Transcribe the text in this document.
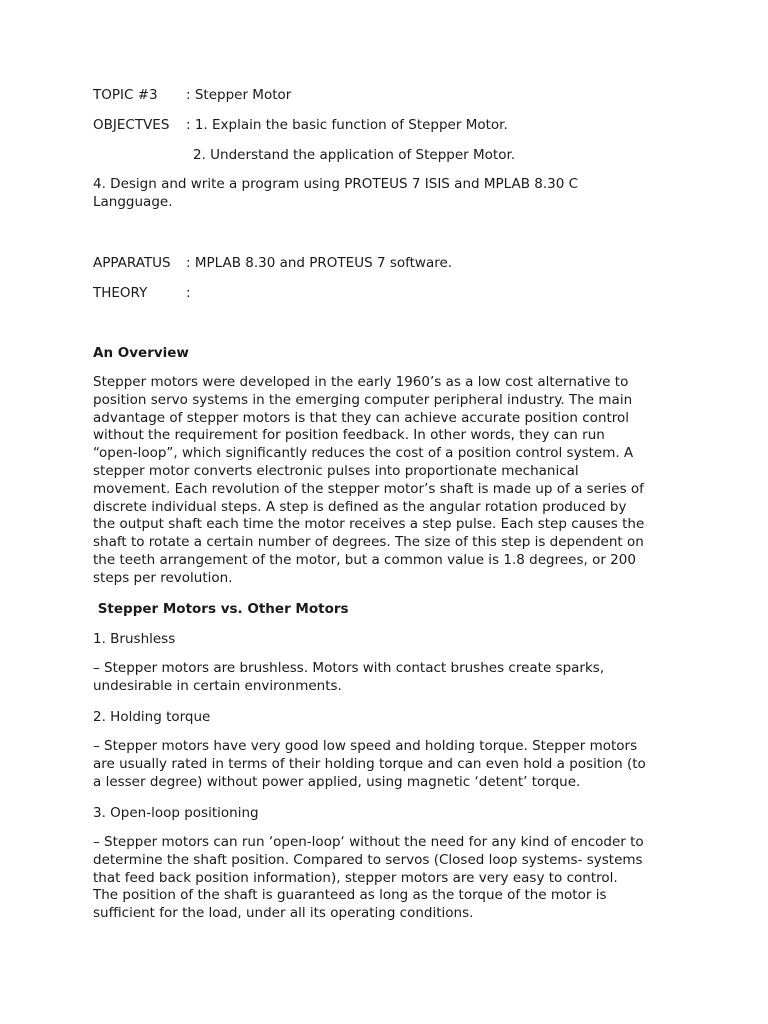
TOPIC #3 : Stepper Motor
OBJECTVES : 1. Explain the basic function of Stepper Motor.
2. Understand the application of Stepper Motor.
4. Design and write a program using PROTEUS 7 ISIS and MPLAB 8.30 C
Langguage.
APPARATUS : MPLAB 8.30 and PROTEUS 7 software.
THEORY	:
An Overview
Stepper motors were developed in the early 1960’s as a low cost alternative to
position servo systems in the emerging computer peripheral industry. The main
advantage of stepper motors is that they can achieve accurate position control
without the requirement for position feedback. In other words, they can run
“open-loop”, which significantly reduces the cost of a position control system. A
stepper motor converts electronic pulses into proportionate mechanical
movement. Each revolution of the stepper motor’s shaft is made up of a series of
discrete individual steps. A step is defined as the angular rotation produced by
the output shaft each time the motor receives a step pulse. Each step causes the
shaft to rotate a certain number of degrees. The size of this step is dependent on
the teeth arrangement of the motor, but a common value is 1.8 degrees, or 200
steps per revolution.
Stepper Motors vs. Other Motors
1. Brushless
– Stepper motors are brushless. Motors with contact brushes create sparks,
undesirable in certain environments.
2. Holding torque
– Stepper motors have very good low speed and holding torque. Stepper motors
are usually rated in terms of their holding torque and can even hold a position (to
a lesser degree) without power applied, using magnetic ‘detent’ torque.
3. Open-loop positioning
– Stepper motors can run ‘open-loop‘ without the need for any kind of encoder to
determine the shaft position. Compared to servos (Closed loop systems- systems
that feed back position information), stepper motors are very easy to control.
The position of the shaft is guaranteed as long as the torque of the motor is
sufficient for the load, under all its operating conditions.
